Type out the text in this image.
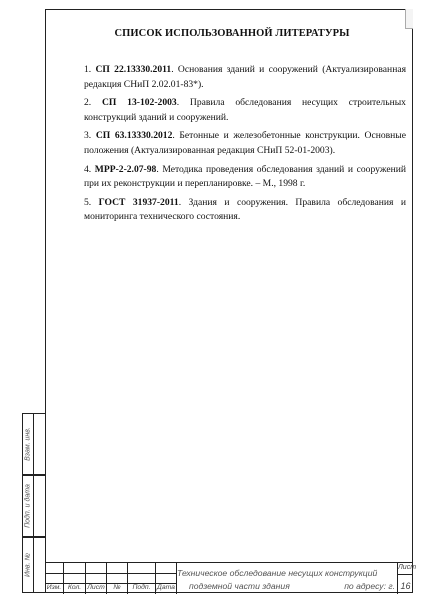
Взам. инв.
Подп. и дата
Инв. №
СПИСОК ИСПОЛЬЗОВАННОЙ ЛИТЕРАТУРЫ

1. СП 22.13330.2011. Основания зданий и сооружений (Актуализированная редакция СНиП 2.02.01-83*).

2. СП 13-102-2003. Правила обследования несущих строительных конструкций зданий и сооружений.

3. СП 63.13330.2012. Бетонные и железобетонные конструкции. Основные положения (Актуализированная редакция СНиП 52-01-2003).

4. МРР-2-2.07-98. Методика проведения обследования зданий и сооружений при их реконструкции и перепланировке. – М., 1998 г.

5. ГОСТ 31937-2011. Здания и сооружения. Правила обследования и мониторинга технического состояния.

Изм. Кол. Лист	№	Подп. Дата
Техническое обследование несущих конструкций
подземной части здания	по адресу: г.
Лист
16
